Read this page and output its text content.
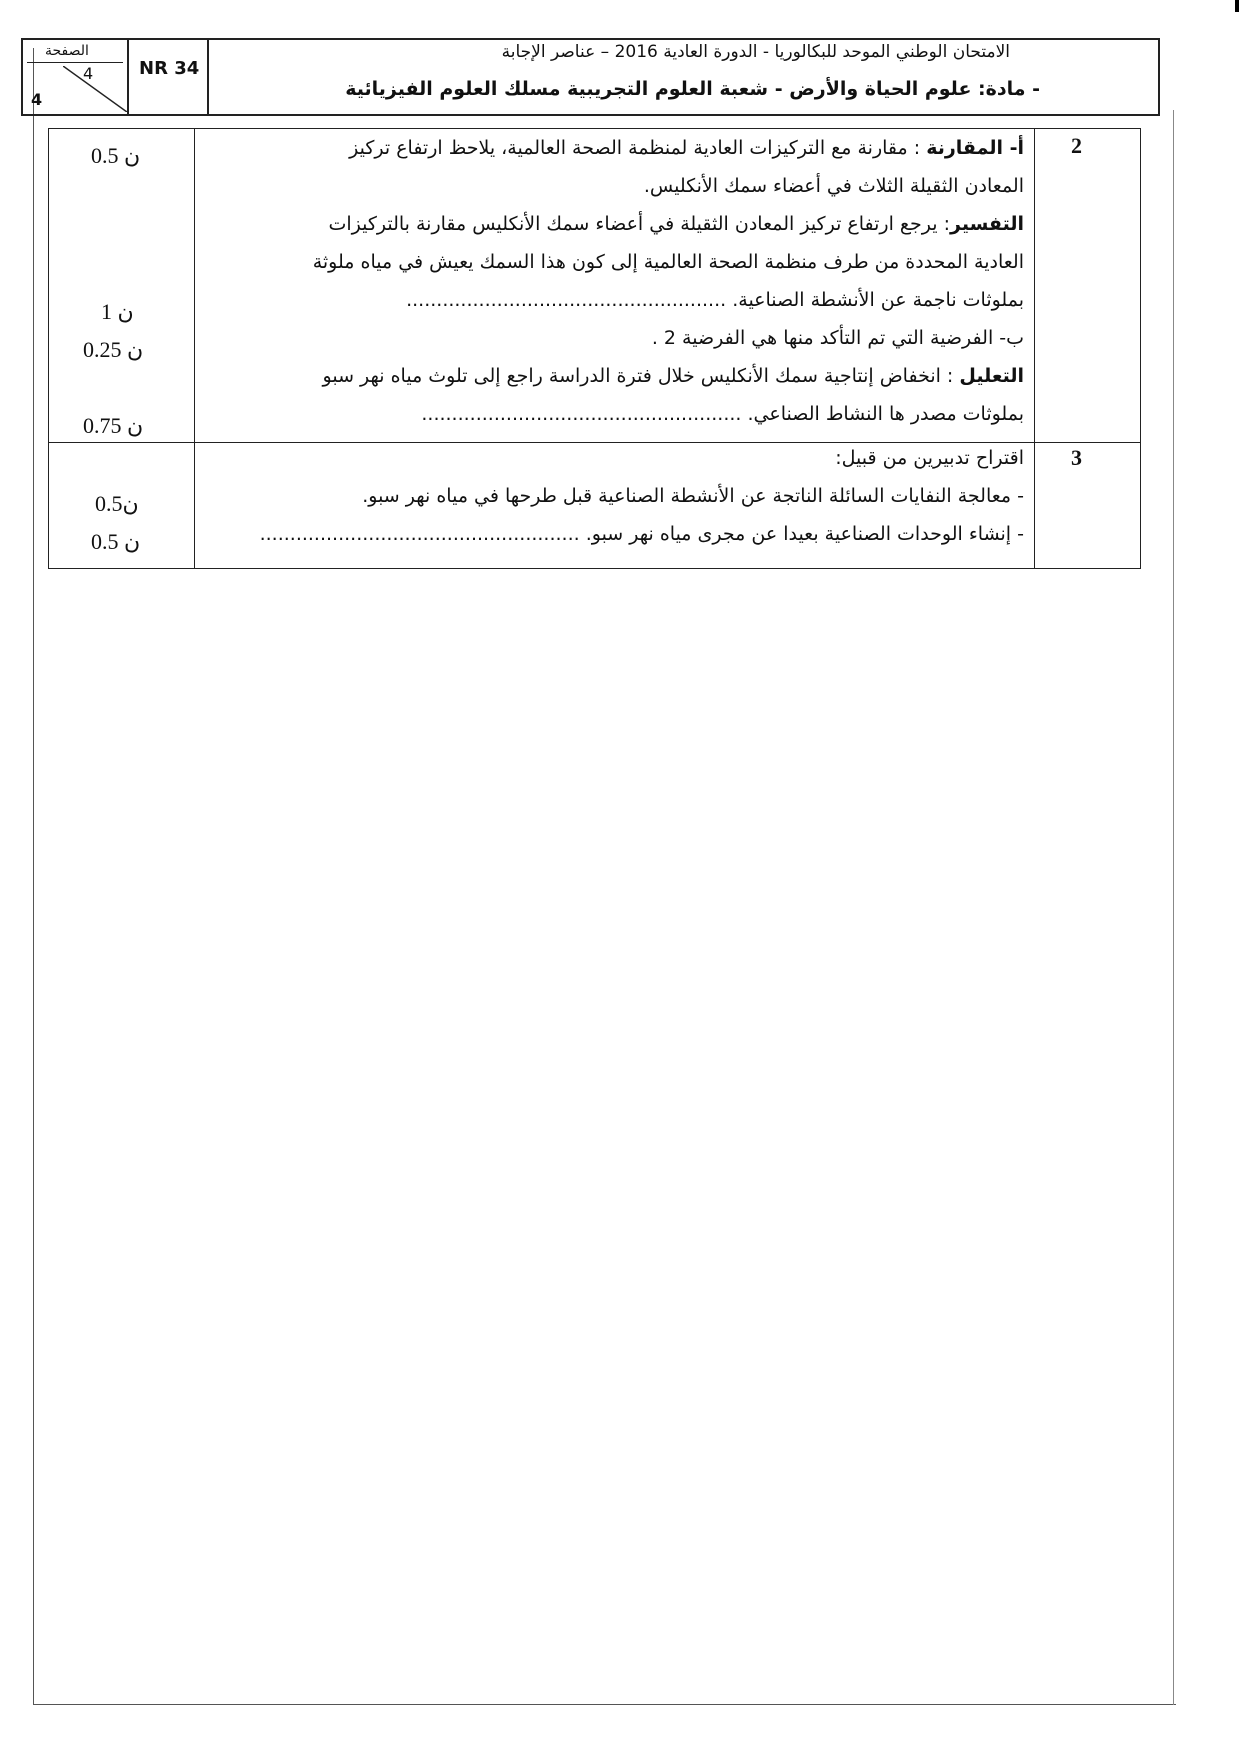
الصفحة
4
4
NR 34
الامتحان الوطني الموحد للبكالوريا - الدورة العادية 2016 – عناصر الإجابة
- مادة: علوم الحياة والأرض - شعبة العلوم التجريبية مسلك العلوم الفيزيائية
2
أ- المقارنة : مقارنة مع التركيزات العادية لمنظمة الصحة العالمية، يلاحظ ارتفاع تركيز
المعادن الثقيلة الثلاث في أعضاء سمك الأنكليس.
التفسير: يرجع ارتفاع تركيز المعادن الثقيلة في أعضاء سمك الأنكليس مقارنة بالتركيزات
العادية المحددة من طرف منظمة الصحة العالمية إلى كون هذا السمك يعيش في مياه ملوثة
بملوثات ناجمة عن الأنشطة الصناعية. .....................................................
ب- الفرضية التي تم التأكد منها هي الفرضية 2 .
التعليل : انخفاض إنتاجية سمك الأنكليس خلال فترة الدراسة راجع إلى تلوث مياه نهر سبو
بملوثات مصدر ها النشاط الصناعي. .....................................................
0.5 ن
1 ن
0.25 ن
0.75 ن
3
اقتراح تدبيرين من قبيل:
- معالجة النفايات السائلة الناتجة عن الأنشطة الصناعية قبل طرحها في مياه نهر سبو.
- إنشاء الوحدات الصناعية بعيدا عن مجرى مياه نهر سبو. .....................................................
0.5ن
0.5 ن
